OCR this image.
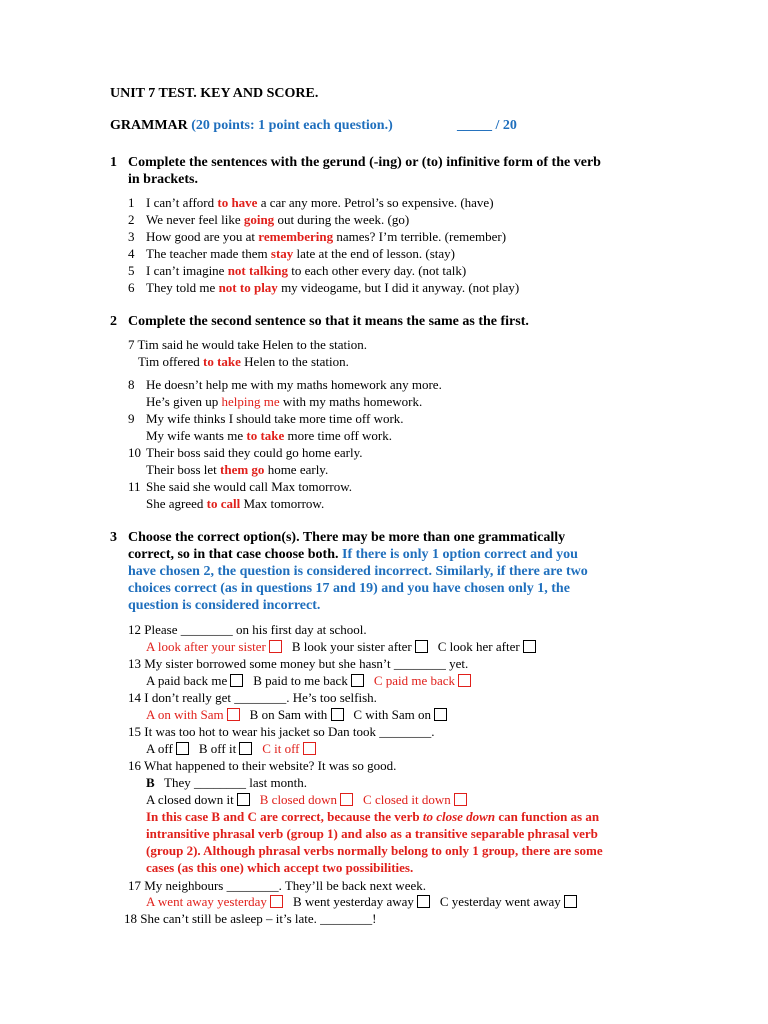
UNIT 7 TEST. KEY AND SCORE.
GRAMMAR (20 points: 1 point each question.)	_____ / 20
1 Complete the sentences with the gerund (-ing) or (to) infinitive form of the verb
in brackets.
1 I can’t afford to have a car any more. Petrol’s so expensive. (have)
2 We never feel like going out during the week. (go)
3 How good are you at remembering names? I’m terrible. (remember)
4 The teacher made them stay late at the end of lesson. (stay)
5 I can’t imagine not talking to each other every day. (not talk)
6 They told me not to play my videogame, but I did it anyway. (not play)
2 Complete the second sentence so that it means the same as the first.
7 Tim said he would take Helen to the station.
Tim offered to take Helen to the station.
8 He doesn’t help me with my maths homework any more.
He’s given up helping me with my maths homework.
9 My wife thinks I should take more time off work.
My wife wants me to take more time off work.
10 Their boss said they could go home early.
Their boss let them go home early.
11 She said she would call Max tomorrow.
She agreed to call Max tomorrow.
3 Choose the correct option(s). There may be more than one grammatically
correct, so in that case choose both. If there is only 1 option correct and you
have chosen 2, the question is considered incorrect. Similarly, if there are two
choices correct (as in questions 17 and 19) and you have chosen only 1, the
question is considered incorrect.
12 Please ________ on his first day at school.
A look after your sister B look your sister after C look her after
13 My sister borrowed some money but she hasn’t ________ yet.
A paid back me B paid to me back C paid me back
14 I don’t really get ________. He’s too selfish.
A on with Sam B on Sam with C with Sam on
15 It was too hot to wear his jacket so Dan took ________.
A off B off it C it off
16 What happened to their website? It was so good.
B They ________ last month.
A closed down it B closed down C closed it down
In this case B and C are correct, because the verb to close down can function as an
intransitive phrasal verb (group 1) and also as a transitive separable phrasal verb
(group 2). Although phrasal verbs normally belong to only 1 group, there are some
cases (as this one) which accept two possibilities.
17 My neighbours ________. They’ll be back next week.
A went away yesterday B went yesterday away C yesterday went away
18 She can’t still be asleep – it’s late. ________!
